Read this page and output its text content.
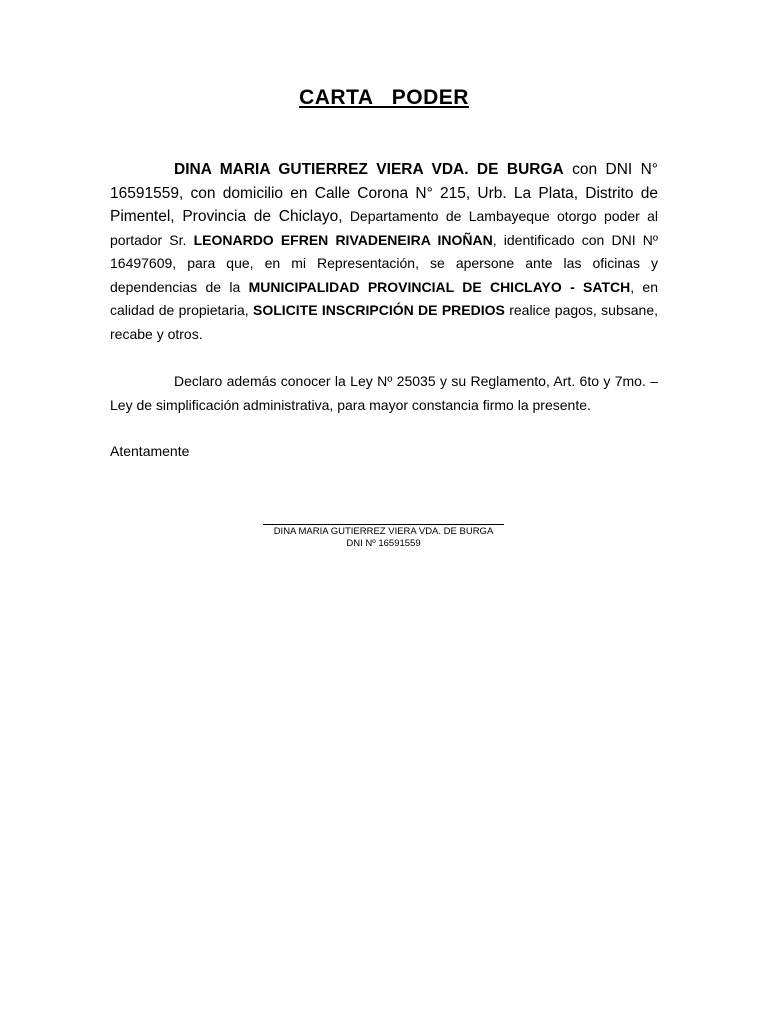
CARTA   PODER
DINA MARIA GUTIERREZ VIERA VDA. DE BURGA con DNI N° 16591559, con domicilio en Calle Corona N° 215, Urb. La Plata, Distrito de Pimentel, Provincia de Chiclayo, Departamento de Lambayeque otorgo poder al portador Sr. LEONARDO EFREN RIVADENEIRA INOÑAN, identificado con DNI Nº 16497609, para que, en mi Representación, se apersone ante las oficinas y dependencias de la MUNICIPALIDAD PROVINCIAL DE CHICLAYO - SATCH, en calidad de propietaria, SOLICITE INSCRIPCIÓN DE PREDIOS realice pagos, subsane, recabe y otros.
Declaro además conocer la Ley Nº 25035 y su Reglamento, Art. 6to y 7mo. – Ley de simplificación administrativa, para mayor constancia firmo la presente.
Atentamente
DINA MARIA GUTIERREZ VIERA VDA. DE BURGA
DNI Nº 16591559
